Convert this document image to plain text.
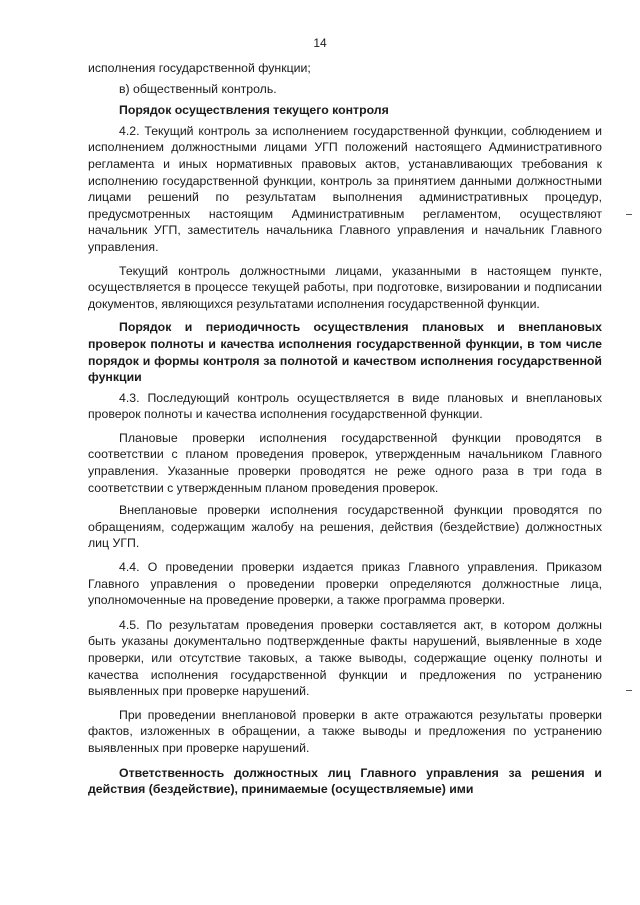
14

исполнения государственной функции;

в) общественный контроль.

Порядок осуществления текущего контроля

4.2. Текущий контроль за исполнением государственной функции, соблюдением и исполнением должностными лицами УГП положений настоящего Административного регламента и иных нормативных правовых актов, устанавливающих требования к исполнению государственной функции, контроль за принятием данными должностными лицами решений по результатам выполнения административных процедур, предусмотренных настоящим Административным регламентом, осуществляют начальник УГП, заместитель начальника Главного управления и начальник Главного управления.

Текущий контроль должностными лицами, указанными в настоящем пункте, осуществляется в процессе текущей работы, при подготовке, визировании и подписании документов, являющихся результатами исполнения государственной функции.

Порядок и периодичность осуществления плановых и внеплановых проверок полноты и качества исполнения государственной функции, в том числе порядок и формы контроля за полнотой и качеством исполнения государственной функции

4.3. Последующий контроль осуществляется в виде плановых и внеплановых проверок полноты и качества исполнения государственной функции.

Плановые проверки исполнения государственной функции проводятся в соответствии с планом проведения проверок, утвержденным начальником Главного управления. Указанные проверки проводятся не реже одного раза в три года в соответствии с утвержденным планом проведения проверок.

Внеплановые проверки исполнения государственной функции проводятся по обращениям, содержащим жалобу на решения, действия (бездействие) должностных лиц УГП.

4.4. О проведении проверки издается приказ Главного управления. Приказом Главного управления о проведении проверки определяются должностные лица, уполномоченные на проведение проверки, а также программа проверки.

4.5. По результатам проведения проверки составляется акт, в котором должны быть указаны документально подтвержденные факты нарушений, выявленные в ходе проверки, или отсутствие таковых, а также выводы, содержащие оценку полноты и качества исполнения государственной функции и предложения по устранению выявленных при проверке нарушений.

При проведении внеплановой проверки в акте отражаются результаты проверки фактов, изложенных в обращении, а также выводы и предложения по устранению выявленных при проверке нарушений.

Ответственность должностных лиц Главного управления за решения и действия (бездействие), принимаемые (осуществляемые) ими
